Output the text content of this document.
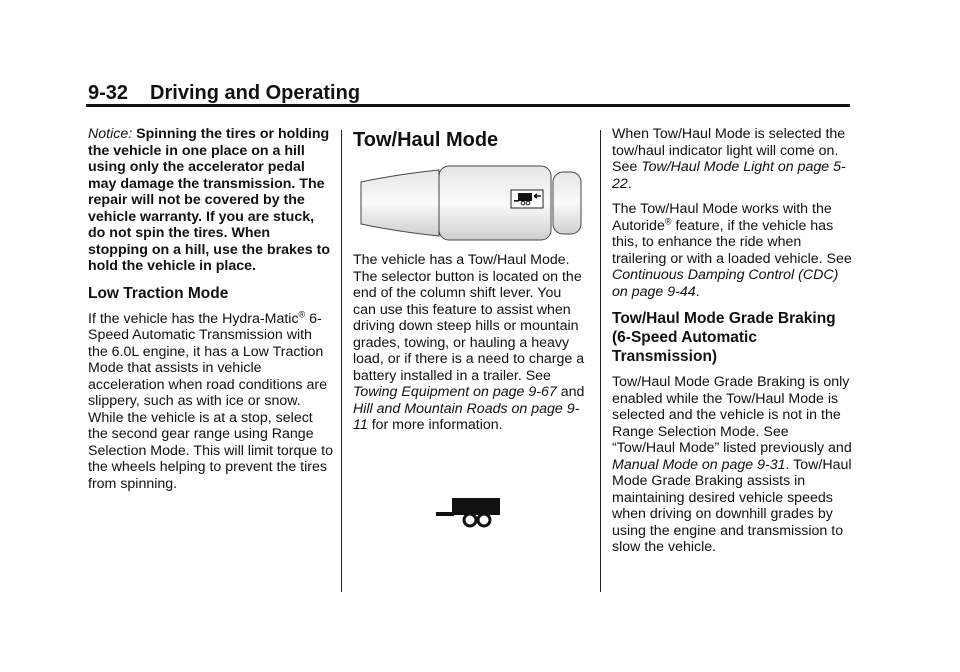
9-32 Driving and Operating

Notice: Spinning the tires or holding the vehicle in one place on a hill using only the accelerator pedal may damage the transmission. The repair will not be covered by the vehicle warranty. If you are stuck, do not spin the tires. When stopping on a hill, use the brakes to hold the vehicle in place.

Low Traction Mode

If the vehicle has the Hydra-Matic® 6-Speed Automatic Transmission with the 6.0L engine, it has a Low Traction Mode that assists in vehicle acceleration when road conditions are slippery, such as with ice or snow. While the vehicle is at a stop, select the second gear range using Range Selection Mode. This will limit torque to the wheels helping to prevent the tires from spinning.

Tow/Haul Mode

The vehicle has a Tow/Haul Mode. The selector button is located on the end of the column shift lever. You can use this feature to assist when driving down steep hills or mountain grades, towing, or hauling a heavy load, or if there is a need to charge a battery installed in a trailer. See Towing Equipment on page 9-67 and Hill and Mountain Roads on page 9-11 for more information.

When Tow/Haul Mode is selected the tow/haul indicator light will come on. See Tow/Haul Mode Light on page 5-22.

The Tow/Haul Mode works with the Autoride® feature, if the vehicle has this, to enhance the ride when trailering or with a loaded vehicle. See Continuous Damping Control (CDC) on page 9-44.

Tow/Haul Mode Grade Braking (6-Speed Automatic Transmission)

Tow/Haul Mode Grade Braking is only enabled while the Tow/Haul Mode is selected and the vehicle is not in the Range Selection Mode. See “Tow/Haul Mode” listed previously and Manual Mode on page 9-31. Tow/Haul Mode Grade Braking assists in maintaining desired vehicle speeds when driving on downhill grades by using the engine and transmission to slow the vehicle.
